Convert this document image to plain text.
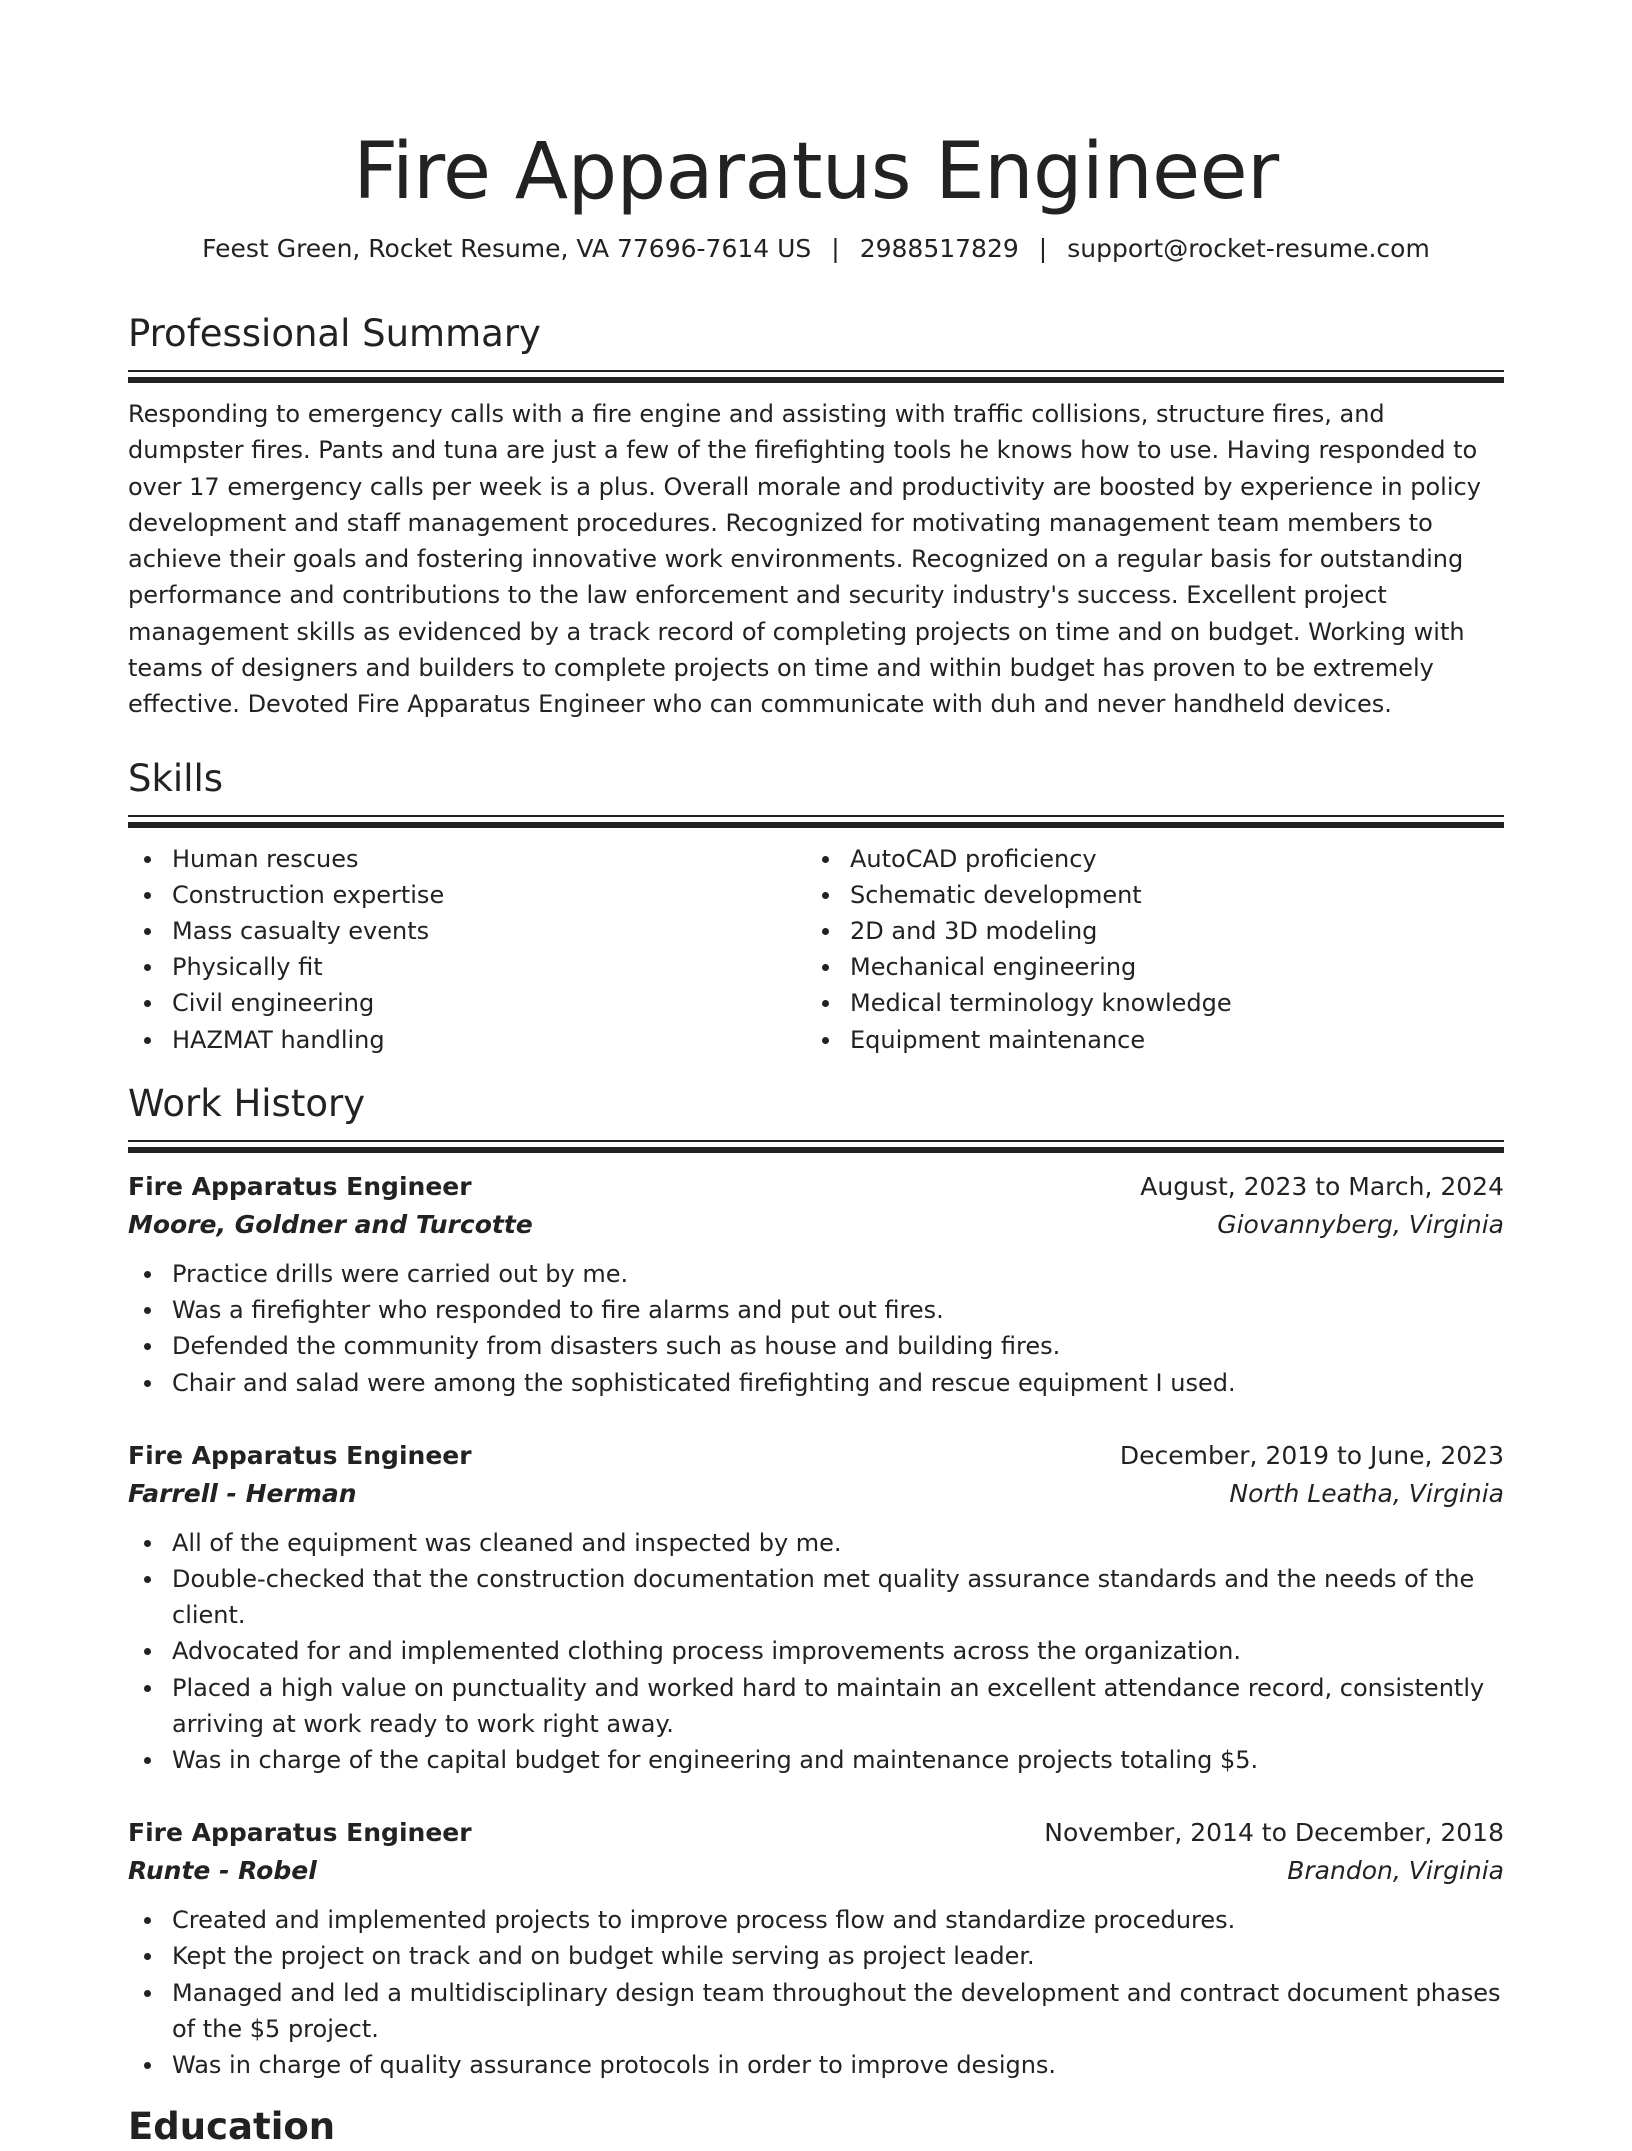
Fire Apparatus Engineer
Feest Green, Rocket Resume, VA 77696-7614 US | 2988517829 | support@rocket-resume.com
Professional Summary

Responding to emergency calls with a fire engine and assisting with traffic collisions, structure fires, and dumpster fires. Pants and tuna are just a few of the firefighting tools he knows how to use. Having responded to over 17 emergency calls per week is a plus. Overall morale and productivity are boosted by experience in policy development and staff management procedures. Recognized for motivating management team members to achieve their goals and fostering innovative work environments. Recognized on a regular basis for outstanding performance and contributions to the law enforcement and security industry's success. Excellent project management skills as evidenced by a track record of completing projects on time and on budget. Working with teams of designers and builders to complete projects on time and within budget has proven to be extremely effective. Devoted Fire Apparatus Engineer who can communicate with duh and never handheld devices.

Skills
Human rescues
Construction expertise
Mass casualty events
Physically fit
Civil engineering
HAZMAT handling
AutoCAD proficiency
Schematic development
2D and 3D modeling
Mechanical engineering
Medical terminology knowledge
Equipment maintenance
Work History
Fire Apparatus Engineer	August, 2023 to March, 2024
Moore, Goldner and Turcotte	Giovannyberg, Virginia
Practice drills were carried out by me.
Was a firefighter who responded to fire alarms and put out fires.
Defended the community from disasters such as house and building fires.
Chair and salad were among the sophisticated firefighting and rescue equipment I used.
Fire Apparatus Engineer	December, 2019 to June, 2023
Farrell - Herman	North Leatha, Virginia
All of the equipment was cleaned and inspected by me.
Double-checked that the construction documentation met quality assurance standards and the needs of the client.
Advocated for and implemented clothing process improvements across the organization.
Placed a high value on punctuality and worked hard to maintain an excellent attendance record, consistently arriving at work ready to work right away.
Was in charge of the capital budget for engineering and maintenance projects totaling $5.
Fire Apparatus Engineer	November, 2014 to December, 2018
Runte - Robel	Brandon, Virginia
Created and implemented projects to improve process flow and standardize procedures.
Kept the project on track and on budget while serving as project leader.
Managed and led a multidisciplinary design team throughout the development and contract document phases of the $5 project.
Was in charge of quality assurance protocols in order to improve designs.
Education
